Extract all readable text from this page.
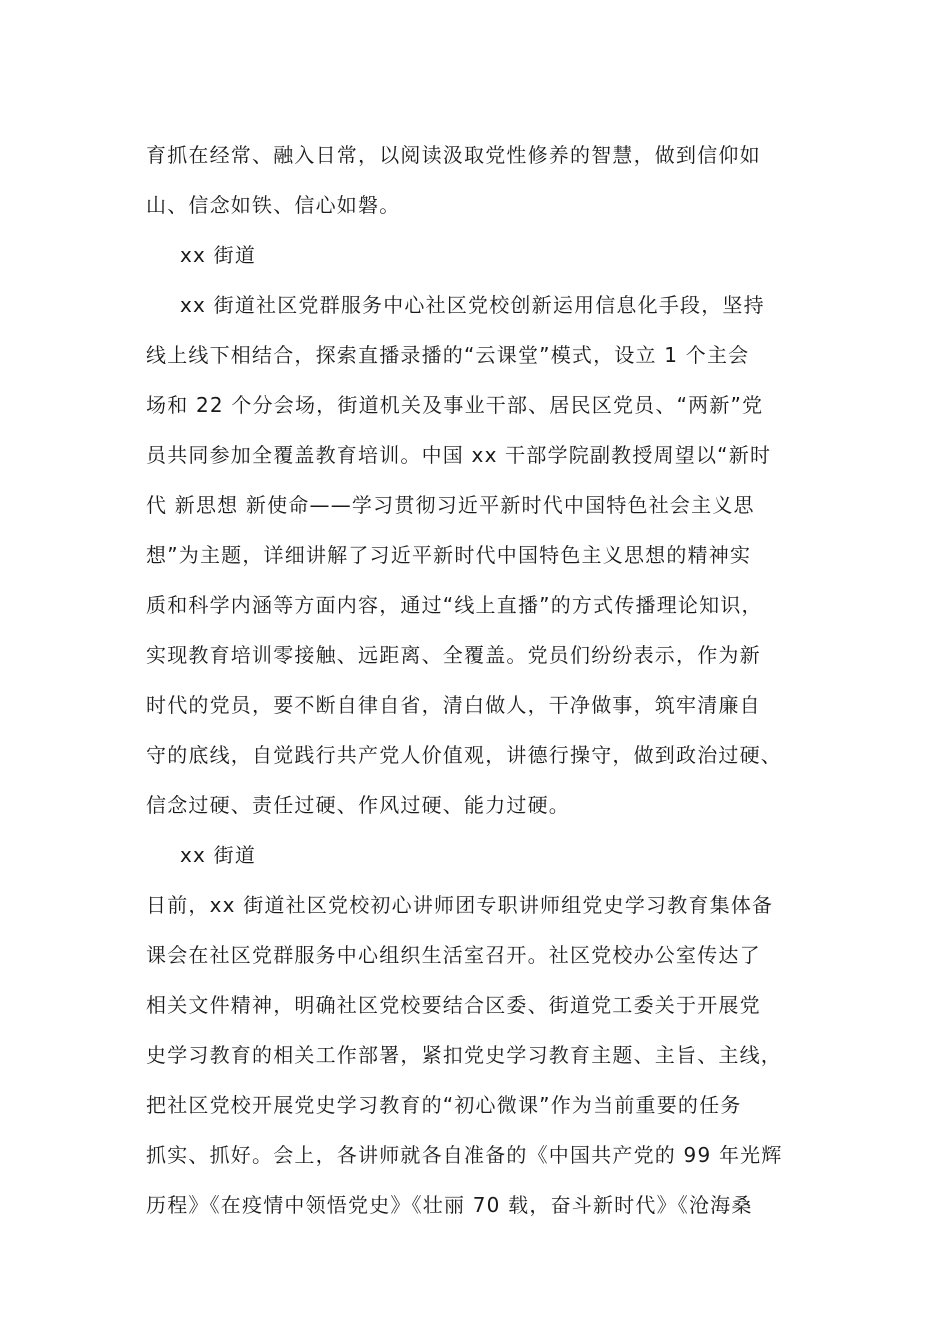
育抓在经常、融入日常，以阅读汲取党性修养的智慧，做到信仰如
山、信念如铁、信心如磐。
xx 街道
xx 街道社区党群服务中心社区党校创新运用信息化手段，坚持
线上线下相结合，探索直播录播的“云课堂”模式，设立 1 个主会
场和 22 个分会场，街道机关及事业干部、居民区党员、“两新”党
员共同参加全覆盖教育培训。中国 xx 干部学院副教授周望以“新时
代 新思想 新使命——学习贯彻习近平新时代中国特色社会主义思
想”为主题，详细讲解了习近平新时代中国特色主义思想的精神实
质和科学内涵等方面内容，通过“线上直播”的方式传播理论知识，
实现教育培训零接触、远距离、全覆盖。党员们纷纷表示，作为新
时代的党员，要不断自律自省，清白做人，干净做事，筑牢清廉自
守的底线，自觉践行共产党人价值观，讲德行操守，做到政治过硬、
信念过硬、责任过硬、作风过硬、能力过硬。
xx 街道
日前，xx 街道社区党校初心讲师团专职讲师组党史学习教育集体备
课会在社区党群服务中心组织生活室召开。社区党校办公室传达了
相关文件精神，明确社区党校要结合区委、街道党工委关于开展党
史学习教育的相关工作部署，紧扣党史学习教育主题、主旨、主线，
把社区党校开展党史学习教育的“初心微课”作为当前重要的任务
抓实、抓好。会上，各讲师就各自准备的《中国共产党的 99 年光辉
历程》《在疫情中领悟党史》《壮丽 70 载，奋斗新时代》《沧海桑
